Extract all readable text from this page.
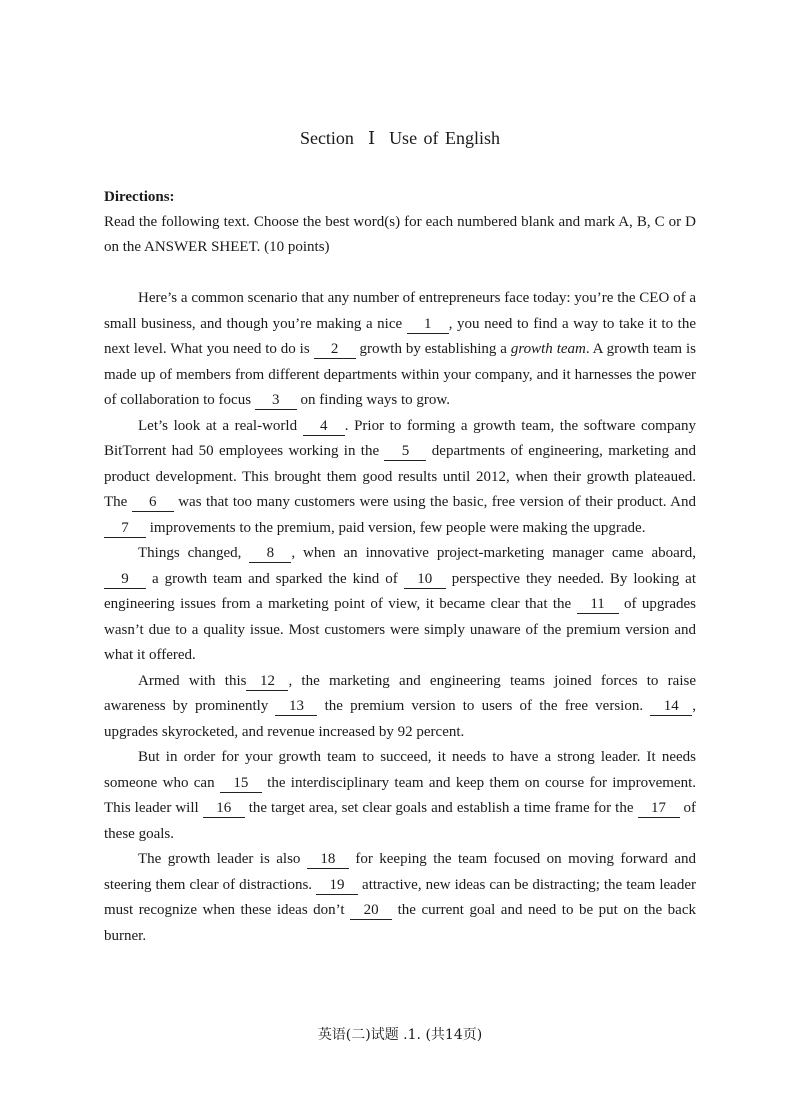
Section Ⅰ Use of English
Directions:
Read the following text. Choose the best word(s) for each numbered blank and mark A, B, C or D on the ANSWER SHEET. (10 points)

Here’s a common scenario that any number of entrepreneurs face today: you’re the CEO of a small business, and though you’re making a nice 1 , you need to find a way to take it to the next level. What you need to do is 2 growth by establishing a growth team. A growth team is made up of members from different departments within your company, and it harnesses the power of collaboration to focus 3 on finding ways to grow.

Let’s look at a real-world 4 . Prior to forming a growth team, the software company BitTorrent had 50 employees working in the 5 departments of engineering, marketing and product development. This brought them good results until 2012, when their growth plateaued. The 6 was that too many customers were using the basic, free version of their product. And 7 improvements to the premium, paid version, few people were making the upgrade.

Things changed, 8 , when an innovative project-marketing manager came aboard, 9 a growth team and sparked the kind of 10 perspective they needed. By looking at engineering issues from a marketing point of view, it became clear that the 11 of upgrades wasn’t due to a quality issue. Most customers were simply unaware of the premium version and what it offered.

Armed with this 12 , the marketing and engineering teams joined forces to raise awareness by prominently 13 the premium version to users of the free version. 14 , upgrades skyrocketed, and revenue increased by 92 percent.

But in order for your growth team to succeed, it needs to have a strong leader. It needs someone who can 15 the interdisciplinary team and keep them on course for improvement. This leader will 16 the target area, set clear goals and establish a time frame for the 17 of these goals.

The growth leader is also 18 for keeping the team focused on moving forward and steering them clear of distractions. 19 attractive, new ideas can be distracting; the team leader must recognize when these ideas don’t 20 the current goal and need to be put on the back burner.

英语(二)试题 .1. (共14页)
